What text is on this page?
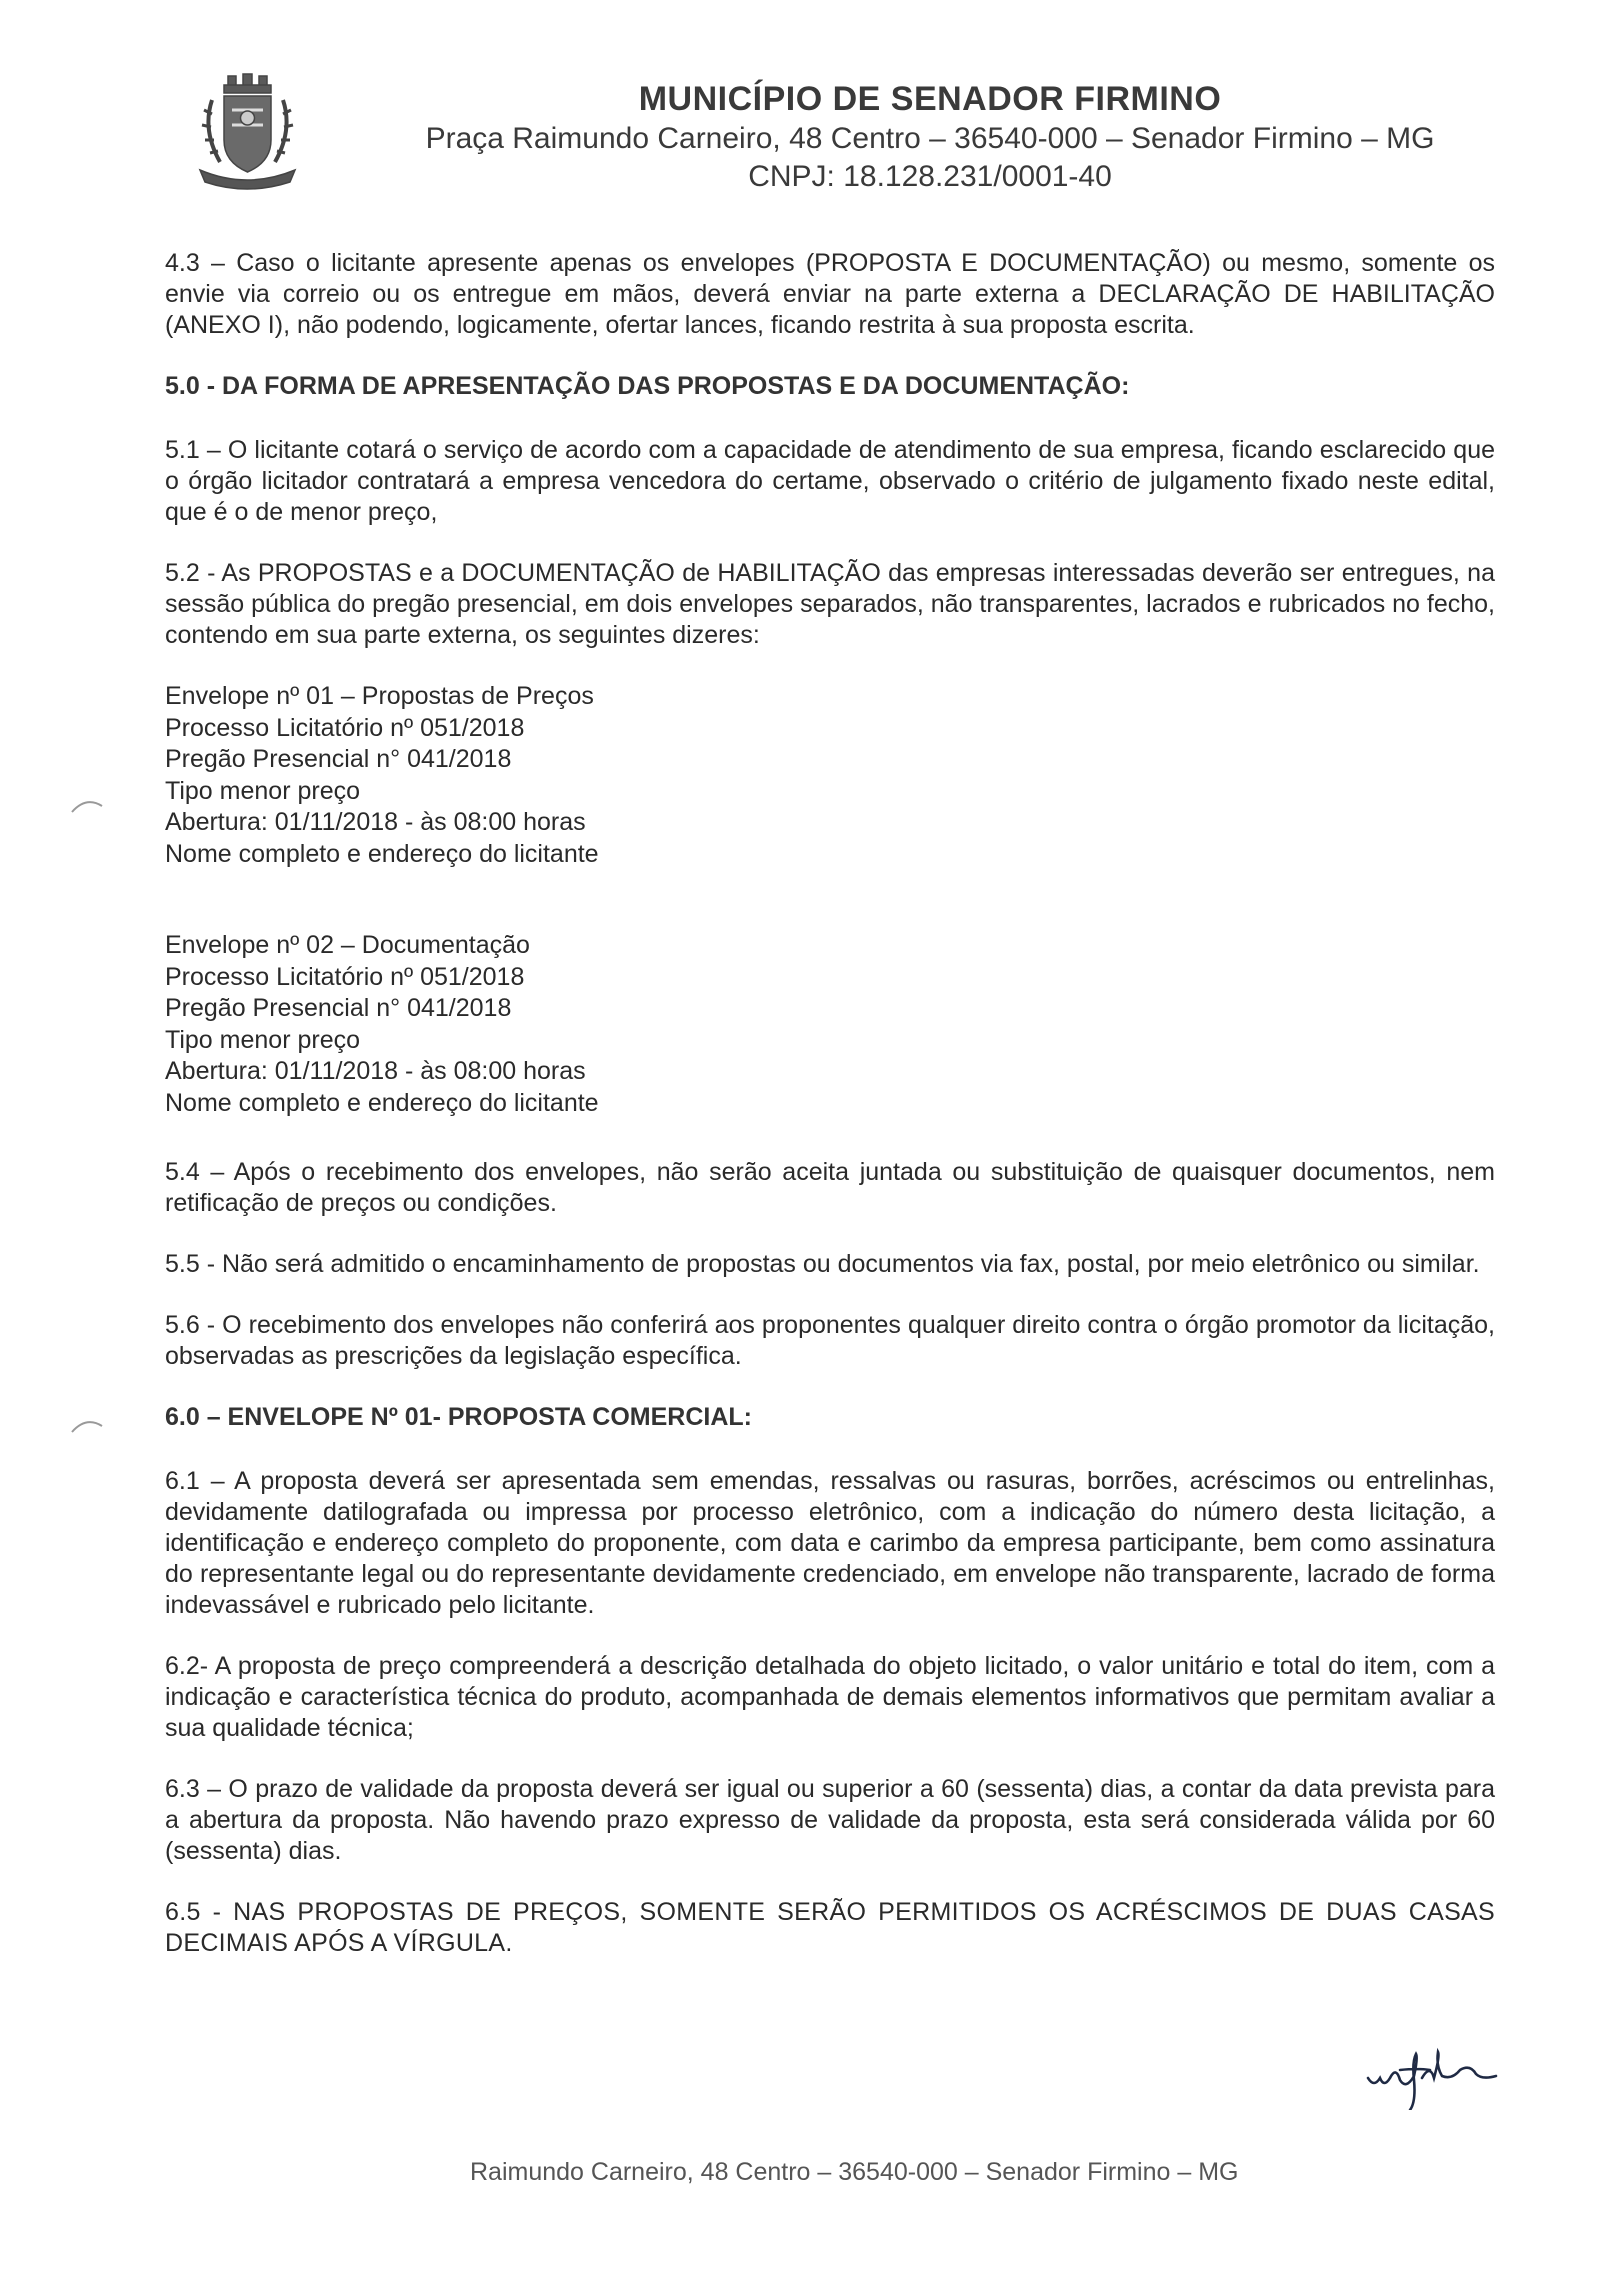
MUNICÍPIO DE SENADOR FIRMINO
Praça Raimundo Carneiro, 48 Centro – 36540-000 – Senador Firmino – MG
CNPJ: 18.128.231/0001-40

4.3 – Caso o licitante apresente apenas os envelopes (PROPOSTA E DOCUMENTAÇÃO) ou mesmo, somente os envie via correio ou os entregue em mãos, deverá enviar na parte externa a DECLARAÇÃO DE HABILITAÇÃO (ANEXO I), não podendo, logicamente, ofertar lances, ficando restrita à sua proposta escrita.

5.0 - DA FORMA DE APRESENTAÇÃO DAS PROPOSTAS E DA DOCUMENTAÇÃO:

5.1 – O licitante cotará o serviço de acordo com a capacidade de atendimento de sua empresa, ficando esclarecido que o órgão licitador contratará a empresa vencedora do certame, observado o critério de julgamento fixado neste edital, que é o de menor preço,

5.2 - As PROPOSTAS e a DOCUMENTAÇÃO de HABILITAÇÃO das empresas interessadas deverão ser entregues, na sessão pública do pregão presencial, em dois envelopes separados, não transparentes, lacrados e rubricados no fecho, contendo em sua parte externa, os seguintes dizeres:

Envelope nº 01 – Propostas de Preços
Processo Licitatório nº 051/2018
Pregão Presencial n° 041/2018
Tipo menor preço
Abertura: 01/11/2018 - às 08:00 horas
Nome completo e endereço do licitante
Envelope nº 02 – Documentação
Processo Licitatório nº 051/2018
Pregão Presencial n° 041/2018
Tipo menor preço
Abertura: 01/11/2018 - às 08:00 horas
Nome completo e endereço do licitante

5.4 – Após o recebimento dos envelopes, não serão aceita juntada ou substituição de quaisquer documentos, nem retificação de preços ou condições.

5.5 - Não será admitido o encaminhamento de propostas ou documentos via fax, postal, por meio eletrônico ou similar.

5.6 - O recebimento dos envelopes não conferirá aos proponentes qualquer direito contra o órgão promotor da licitação, observadas as prescrições da legislação específica.

6.0 – ENVELOPE Nº 01- PROPOSTA COMERCIAL:

6.1 – A proposta deverá ser apresentada sem emendas, ressalvas ou rasuras, borrões, acréscimos ou entrelinhas, devidamente datilografada ou impressa por processo eletrônico, com a indicação do número desta licitação, a identificação e endereço completo do proponente, com data e carimbo da empresa participante, bem como assinatura do representante legal ou do representante devidamente credenciado, em envelope não transparente, lacrado de forma indevassável e rubricado pelo licitante.

6.2- A proposta de preço compreenderá a descrição detalhada do objeto licitado, o valor unitário e total do item, com a indicação e característica técnica do produto, acompanhada de demais elementos informativos que permitam avaliar a sua qualidade técnica;

6.3 – O prazo de validade da proposta deverá ser igual ou superior a 60 (sessenta) dias, a contar da data prevista para a abertura da proposta. Não havendo prazo expresso de validade da proposta, esta será considerada válida por 60 (sessenta) dias.

6.5 - NAS PROPOSTAS DE PREÇOS, SOMENTE SERÃO PERMITIDOS OS ACRÉSCIMOS DE DUAS CASAS DECIMAIS APÓS A VÍRGULA.

Raimundo Carneiro, 48 Centro – 36540-000 – Senador Firmino – MG
